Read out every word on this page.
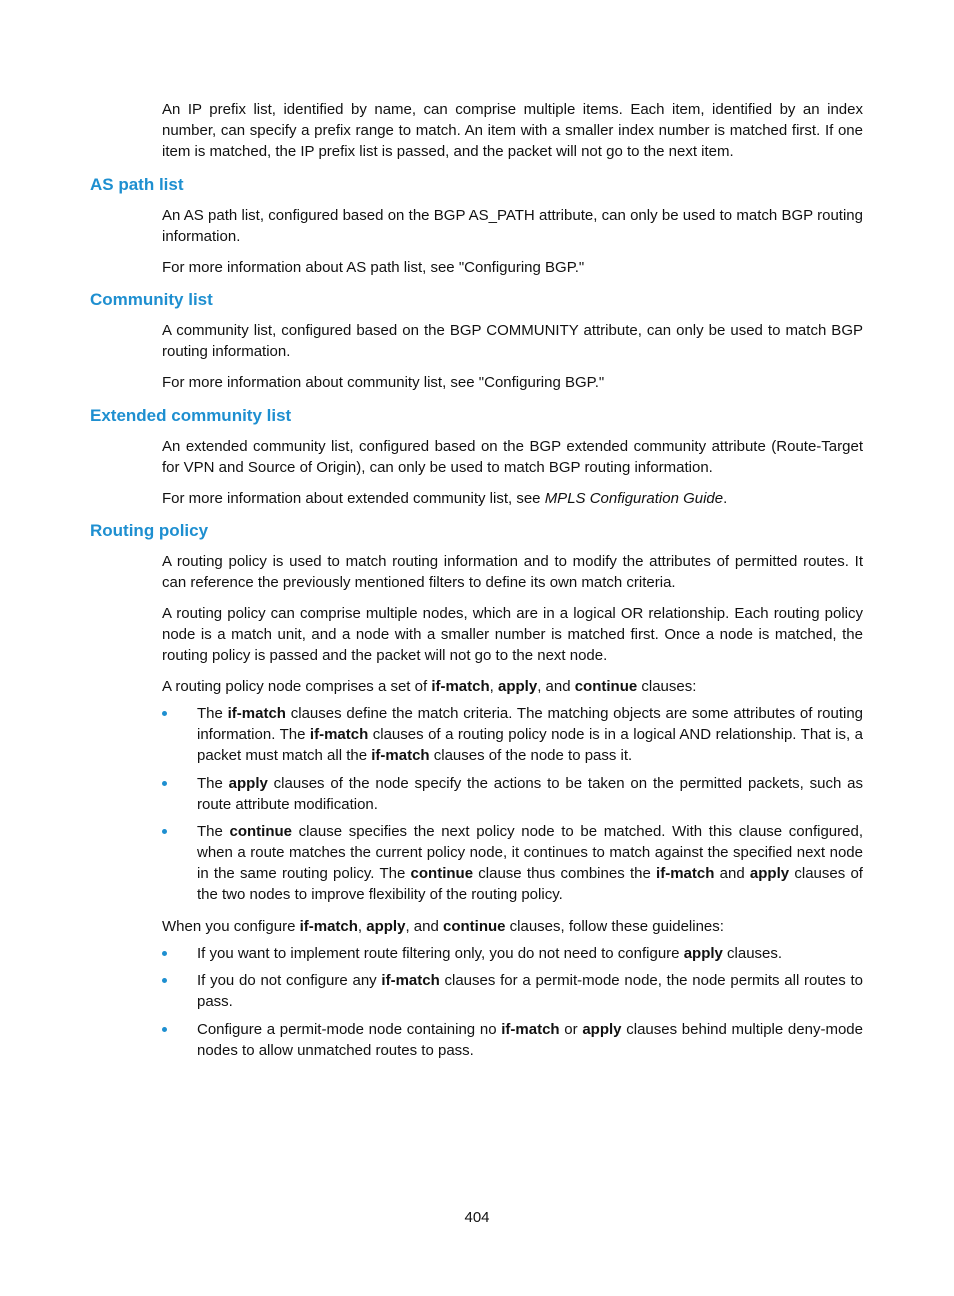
An IP prefix list, identified by name, can comprise multiple items. Each item, identified by an index number, can specify a prefix range to match. An item with a smaller index number is matched first. If one item is matched, the IP prefix list is passed, and the packet will not go to the next item.

AS path list

An AS path list, configured based on the BGP AS_PATH attribute, can only be used to match BGP routing information.

For more information about AS path list, see "Configuring BGP."

Community list

A community list, configured based on the BGP COMMUNITY attribute, can only be used to match BGP routing information.

For more information about community list, see "Configuring BGP."

Extended community list

An extended community list, configured based on the BGP extended community attribute (Route-Target for VPN and Source of Origin), can only be used to match BGP routing information.

For more information about extended community list, see MPLS Configuration Guide.

Routing policy

A routing policy is used to match routing information and to modify the attributes of permitted routes. It can reference the previously mentioned filters to define its own match criteria.

A routing policy can comprise multiple nodes, which are in a logical OR relationship. Each routing policy node is a match unit, and a node with a smaller number is matched first. Once a node is matched, the routing policy is passed and the packet will not go to the next node.

A routing policy node comprises a set of if-match, apply, and continue clauses:

The if-match clauses define the match criteria. The matching objects are some attributes of routing information. The if-match clauses of a routing policy node is in a logical AND relationship. That is, a packet must match all the if-match clauses of the node to pass it.
The apply clauses of the node specify the actions to be taken on the permitted packets, such as route attribute modification.
The continue clause specifies the next policy node to be matched. With this clause configured, when a route matches the current policy node, it continues to match against the specified next node in the same routing policy. The continue clause thus combines the if-match and apply clauses of the two nodes to improve flexibility of the routing policy.

When you configure if-match, apply, and continue clauses, follow these guidelines:

If you want to implement route filtering only, you do not need to configure apply clauses.
If you do not configure any if-match clauses for a permit-mode node, the node permits all routes to pass.
Configure a permit-mode node containing no if-match or apply clauses behind multiple deny-mode nodes to allow unmatched routes to pass.
404
